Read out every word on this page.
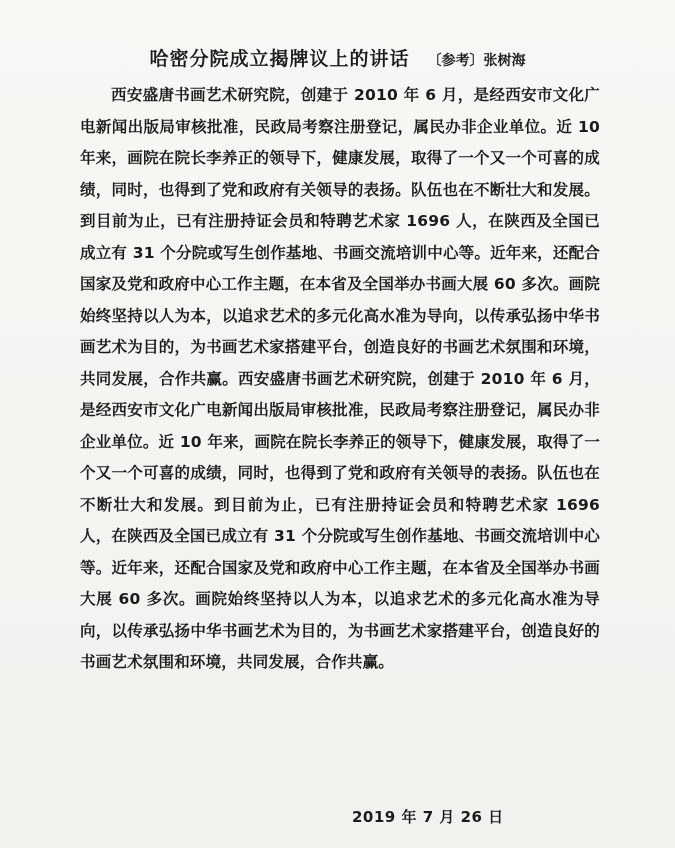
哈密分院成立揭牌议上的讲话 〔参考〕张树海

西安盛唐书画艺术研究院，创建于 2010 年 6 月，是经西安市文化广电新闻出版局审核批准，民政局考察注册登记，属民办非企业单位。近 10 年来，画院在院长李养正的领导下，健康发展，取得了一个又一个可喜的成绩，同时，也得到了党和政府有关领导的表扬。队伍也在不断壮大和发展。到目前为止，已有注册持证会员和特聘艺术家 1696 人，在陕西及全国已成立有 31 个分院或写生创作基地、书画交流培训中心等。近年来，还配合国家及党和政府中心工作主题，在本省及全国举办书画大展 60 多次。画院始终坚持以人为本，以追求艺术的多元化高水准为导向，以传承弘扬中华书画艺术为目的，为书画艺术家搭建平台，创造良好的书画艺术氛围和环境，共同发展，合作共赢。西安盛唐书画艺术研究院，创建于 2010 年 6 月，是经西安市文化广电新闻出版局审核批准，民政局考察注册登记，属民办非企业单位。近 10 年来，画院在院长李养正的领导下，健康发展，取得了一个又一个可喜的成绩，同时，也得到了党和政府有关领导的表扬。队伍也在不断壮大和发展。到目前为止，已有注册持证会员和特聘艺术家 1696 人，在陕西及全国已成立有 31 个分院或写生创作基地、书画交流培训中心等。近年来，还配合国家及党和政府中心工作主题，在本省及全国举办书画大展 60 多次。画院始终坚持以人为本，以追求艺术的多元化高水准为导向，以传承弘扬中华书画艺术为目的，为书画艺术家搭建平台，创造良好的书画艺术氛围和环境，共同发展，合作共赢。

2019 年 7 月 26 日
